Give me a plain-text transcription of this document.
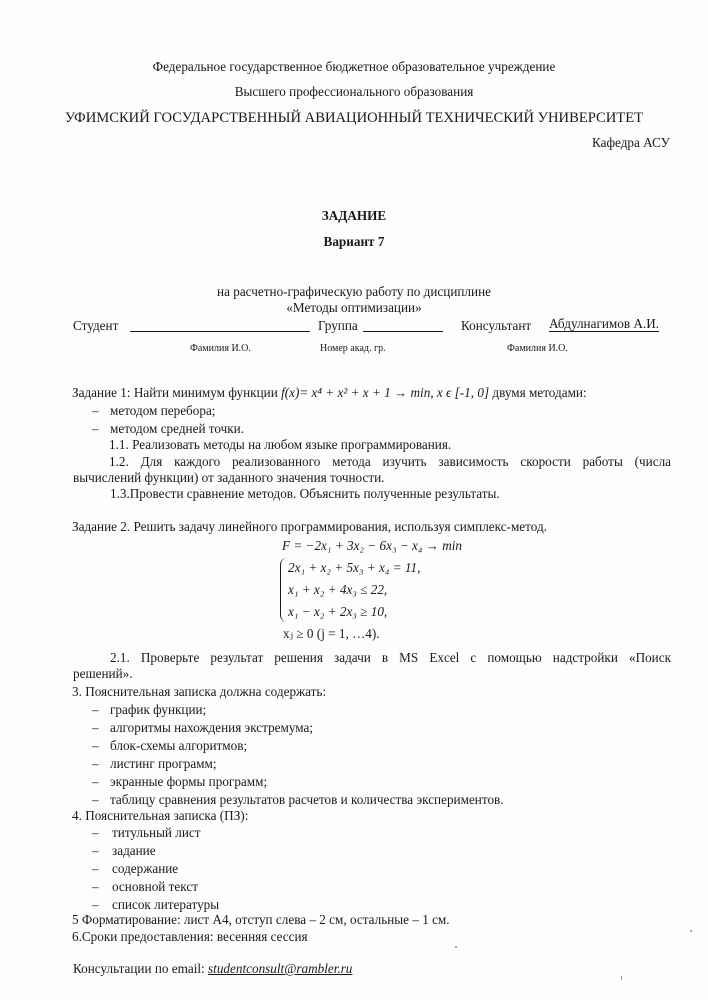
Федеральное государственное бюджетное образовательное учреждение
Высшего профессионального образования
УФИМСКИЙ ГОСУДАРСТВЕННЫЙ АВИАЦИОННЫЙ ТЕХНИЧЕСКИЙ УНИВЕРСИТЕТ
Кафедра АСУ
ЗАДАНИЕ
Вариант 7
на расчетно-графическую работу по дисциплине
«Методы оптимизации»
Студент	Группа	Консультант Абдулнагимов А.И.
Фамилия И.О.	Номер акад. гр.	Фамилия И.О.
Задание 1: Найти минимум функции f(x)= x⁴ + x² + x + 1 → min, x ϵ [-1, 0] двумя методами:
– методом перебора;
– методом средней точки.
1.1. Реализовать методы на любом языке программирования.
1.2. Для каждого реализованного метода изучить зависимость скорости работы (числа
вычислений функции) от заданного значения точности.
1.3.Провести сравнение методов. Объяснить полученные результаты.
Задание 2. Решить задачу линейного программирования, используя симплекс-метод.
F = −2x₁ + 3x₂ − 6x₃ − x₄ → min
2x₁ + x₂ + 5x₃ + x₄ = 11,
x₁ + x₂ + 4x₃ ≤ 22,
x₁ − x₂ + 2x₃ ≥ 10,
xⱼ ≥ 0 (j = 1, …4).
2.1. Проверьте результат решения задачи в MS Excel с помощью надстройки «Поиск
решений».
3. Пояснительная записка должна содержать:
– график функции;
– алгоритмы нахождения экстремума;
– блок-схемы алгоритмов;
– листинг программ;
– экранные формы программ;
– таблицу сравнения результатов расчетов и количества экспериментов.
4. Пояснительная записка (ПЗ):
– титульный лист
– задание
– содержание
– основной текст
– список литературы
5 Форматирование: лист А4, отступ слева – 2 см, остальные – 1 см.
6.Сроки предоставления: весенняя сессия
Консультации по email: studentconsult@rambler.ru
